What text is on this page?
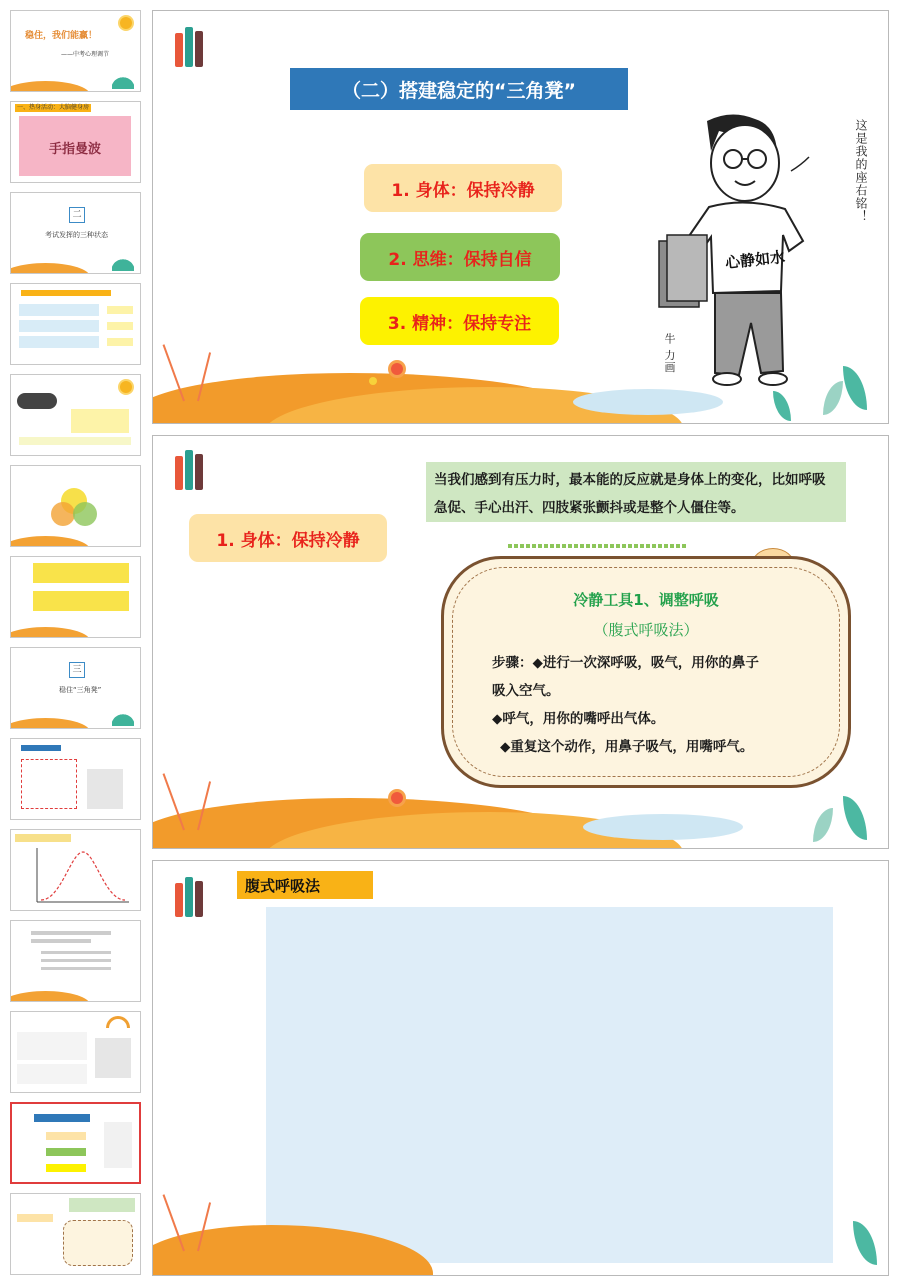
稳住，我们能赢！
——中考心理调节
一、热身活动：大脑健身房
手指曼波
二
考试发挥的三种状态
三
稳住“三角凳”
（二）搭建稳定的“三角凳”
1. 身体：保持冷静
2. 思维：保持自信
3. 精神：保持专注
心静如水
这是我的座右铭！
牛 力画
1. 身体：保持冷静
当我们感到有压力时，最本能的反应就是身体上的变化，比如呼吸急促、手心出汗、四肢紧张颤抖或是整个人僵住等。
冷静工具1、调整呼吸
（腹式呼吸法）
步骤：◆进行一次深呼吸，吸气，用你的鼻子
吸入空气。
◆呼气，用你的嘴呼出气体。
◆重复这个动作，用鼻子吸气，用嘴呼气。
腹式呼吸法
